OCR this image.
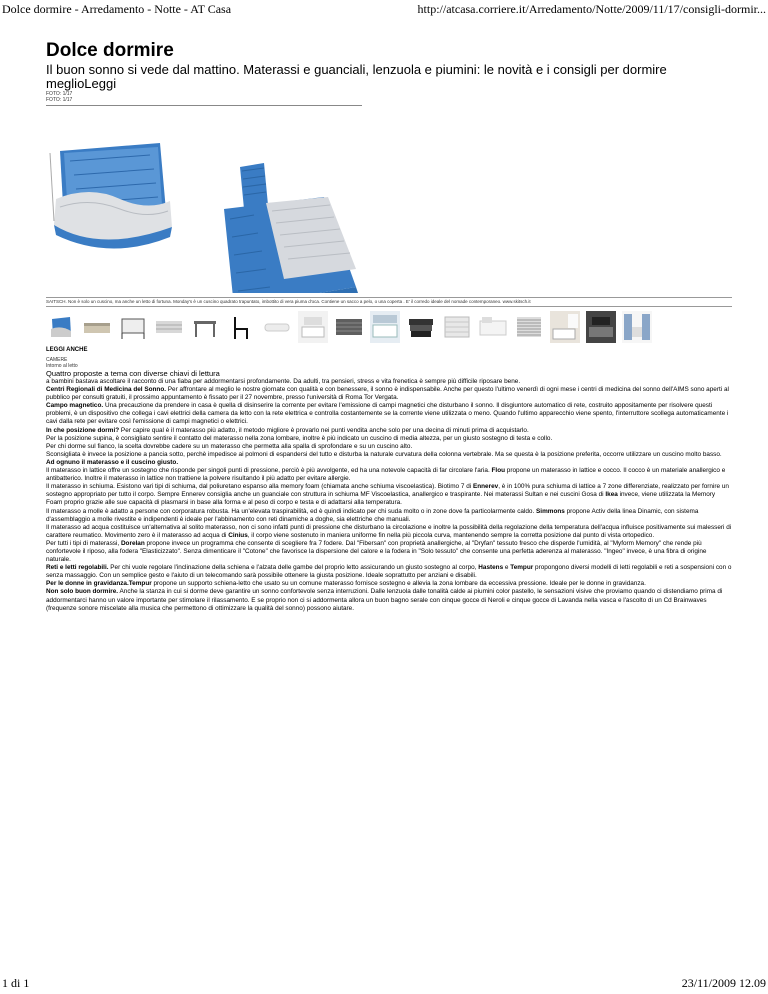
Dolce dormire - Arredamento - Notte - AT Casa	http://atcasa.corriere.it/Arredamento/Notte/2009/11/17/consigli-dormir...
Dolce dormire
Il buon sonno si vede dal mattino. Materassi e guanciali, lenzuola e piumini: le novità e i consigli per dormire meglioLeggi
FOTO: 1/17
FOTO: 1/17
SAITSCH. Non è solo un cuscino, ma anche un letto di fortuna. Monday's è un cuscino quadrato trapuntato, imbottito di vera piuma d'oca. Contiene un sacco a pelo, o una coperta . E' il corredo ideale del nomade contemporaneo. www.skitsch.it
LEGGI ANCHE
CAMERE
Intorno al letto
Quattro proposte a tema con diverse chiavi di lettura
a bambini bastava ascoltare il racconto di una fiaba per addormentarsi profondamente. Da adulti, tra pensieri, stress e vita frenetica è sempre più difficile riposare bene.
Centri Regionali di Medicina del Sonno. Per affrontare al meglio le nostre giornate con qualità e con benessere, il sonno è indispensabile. Anche per questo l'ultimo venerdì di ogni mese i centri di medicina del sonno dell'AIMS sono aperti al pubblico per consulti gratuiti, il prossimo appuntamento è fissato per il 27 novembre, presso l'università di Roma Tor Vergata.
Campo magnetico. Una precauzione da prendere in casa è quella di disinserire la corrente per evitare l'emissione di campi magnetici che disturbano il sonno. Il disgiuntore automatico di rete, costruito appositamente per risolvere questi problemi, è un dispositivo che collega i cavi elettrici della camera da letto con la rete elettrica e controlla costantemente se la corrente viene utilizzata o meno. Quando l'ultimo apparecchio viene spento, l'interruttore scollega automaticamente i cavi dalla rete per evitare così l'emissione di campi magnetici o elettrici.
In che posizione dormi? Per capire qual è il materasso più adatto, il metodo migliore è provarlo nei punti vendita anche solo per una decina di minuti prima di acquistarlo.
Per la posizione supina, è consigliato sentire il contatto del materasso nella zona lombare, inoltre è più indicato un cuscino di media altezza, per un giusto sostegno di testa e collo.
Per chi dorme sul fianco, la scelta dovrebbe cadere su un materasso che permetta alla spalla di sprofondare e su un cuscino alto.
Sconsigliata è invece la posizione a pancia sotto, perchè impedisce ai polmoni di espandersi del tutto e disturba la naturale curvatura della colonna vertebrale. Ma se questa è la posizione preferita, occorre utilizzare un cuscino molto basso.
Ad ognuno il materasso e il cuscino giusto.
Il materasso in lattice offre un sostegno che risponde per singoli punti di pressione, perciò è più avvolgente, ed ha una notevole capacità di far circolare l'aria. Flou propone un materasso in lattice e cocco. Il cocco è un materiale anallergico e antibatterico. Inoltre il materasso in lattice non trattiene la polvere risultando il più adatto per evitare allergie.
Il materasso in schiuma. Esistono vari tipi di schiuma, dal poliuretano espanso alla memory foam (chiamata anche schiuma viscoelastica). Biotimo 7 di Ennerev, è in 100% pura schiuma di lattice a 7 zone differenziate, realizzato per fornire un sostegno appropriato per tutto il corpo. Sempre Ennerev consiglia anche un guanciale con struttura in schiuma MF Viscoelastica, anallergico e traspirante. Nei materassi Sultan e nei cuscini Gosa di Ikea invece, viene utilizzata la Memory Foam proprio grazie alle sue capacità di plasmarsi in base alla forma e al peso di corpo e testa e di adattarsi alla temperatura.
Il materasso a molle è adatto a persone con corporatura robusta. Ha un'elevata traspirabilità, ed è quindi indicato per chi suda molto o in zone dove fa particolarmente caldo. Simmons propone Activ della linea Dinamic, con sistema d'assemblaggio a molle rivestite e indipendenti è ideale per l'abbinamento con reti dinamiche a doghe, sia elettriche che manuali.
Il materasso ad acqua costituisce un'alternativa al solito materasso, non ci sono infatti punti di pressione che disturbano la circolazione e inoltre la possibilità della regolazione della temperatura dell'acqua influisce positivamente sui malesseri di carattere reumatico. Movimento zero è il materasso ad acqua di Cinius, il corpo viene sostenuto in maniera uniforme fin nella più piccola curva, mantenendo sempre la corretta posizione dal punto di vista ortopedico.
Per tutti i tipi di materassi, Dorelan propone invece un programma che consente di scegliere fra 7 fodere. Dal "Fibersan" con proprietà anallergiche, al "Dryfan" tessuto fresco che disperde l'umidità, al "Myform Memory" che rende più confortevole il riposo, alla fodera "Elasticizzato". Senza dimenticare il "Cotone" che favorisce la dispersione del calore e la fodera in "Solo tessuto" che consente una perfetta aderenza al materasso. "Ingeo" invece, è una fibra di origine naturale.
Reti e letti regolabili. Per chi vuole regolare l'inclinazione della schiena e l'alzata delle gambe del proprio letto assicurando un giusto sostegno al corpo, Hastens e Tempur propongono diversi modelli di letti regolabili e reti a sospensioni con o senza massaggio. Con un semplice gesto e l'aiuto di un telecomando sarà possibile ottenere la giusta posizione. Ideale soprattutto per anziani e disabili.
Per le donne in gravidanza.Tempur propone un supporto schiena-letto che usato su un comune materasso fornisce sostegno e allevia la zona lombare da eccessiva pressione. Ideale per le donne in gravidanza.
Non solo buon dormire. Anche la stanza in cui si dorme deve garantire un sonno confortevole senza interruzioni. Dalle lenzuola dalle tonalità calde ai piumini color pastello, le sensazioni visive che proviamo quando ci distendiamo prima di addormentarci hanno un valore importante per stimolare il rilassamento. E se proprio non ci si addormenta allora un buon bagno serale con cinque gocce di Neroli e cinque gocce di Lavanda nella vasca e l'ascolto di un Cd Brainwaves (frequenze sonore miscelate alla musica che permettono di ottimizzare la qualità del sonno) possono aiutare.
1 di 1	23/11/2009 12.09
